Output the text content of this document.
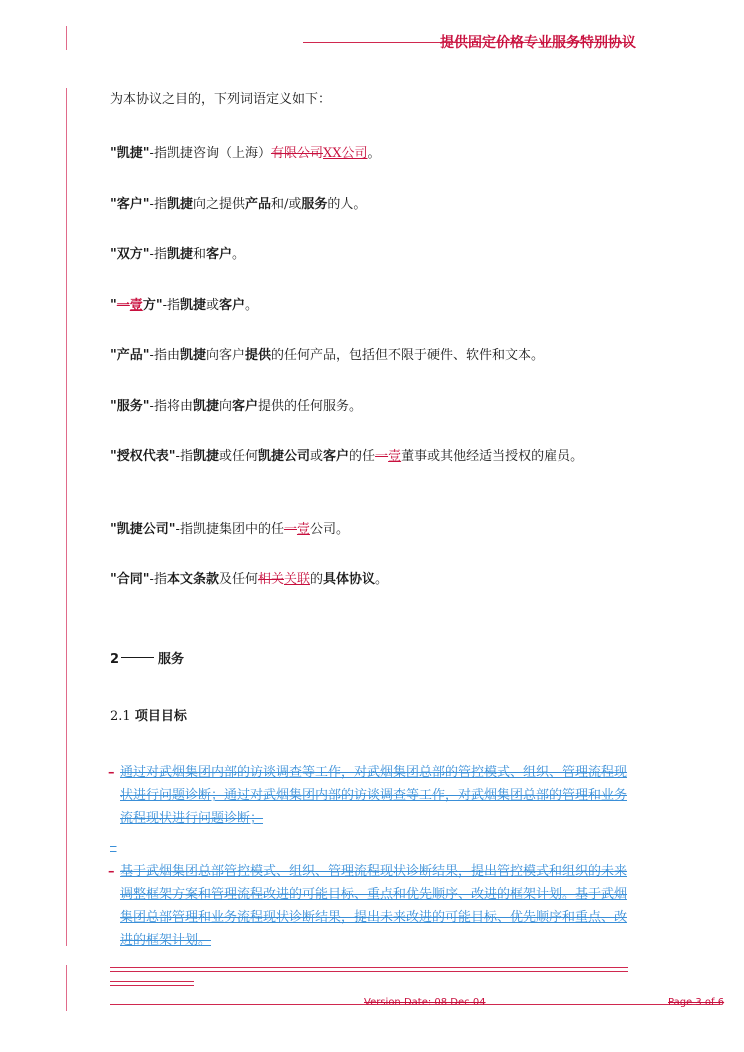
提供固定价格专业服务特别协议
为本协议之目的，下列词语定义如下：
"凯捷"-指凯捷咨询（上海）有限公司XX公司。
"客户"-指凯捷向之提供产品和/或服务的人。
"双方"-指凯捷和客户。
"一壹方"-指凯捷或客户。
"产品"-指由凯捷向客户提供的任何产品，包括但不限于硬件、软件和文本。
"服务"-指将由凯捷向客户提供的任何服务。
"授权代表"-指凯捷或任何凯捷公司或客户的任一壹董事或其他经适当授权的雇员。
"凯捷公司"-指凯捷集团中的任一壹公司。
"合同"-指本文条款及任何相关关联的具体协议。
2	服务
2.1 项目目标
– 通过对武烟集团内部的访谈调查等工作，对武烟集团总部的管控模式、组织、管理流程现状进行问题诊断；通过对武烟集团内部的访谈调查等工作，对武烟集团总部的管理和业务流程现状进行问题诊断；
–
– 基于武烟集团总部管控模式、组织、管理流程现状诊断结果，提出管控模式和组织的未来调整框架方案和管理流程改进的可能目标、重点和优先顺序、改进的框架计划。基于武烟集团总部管理和业务流程现状诊断结果，提出未来改进的可能目标、优先顺序和重点、改进的框架计划。
Version Date: 08 Dec 04	Page 3 of 6
